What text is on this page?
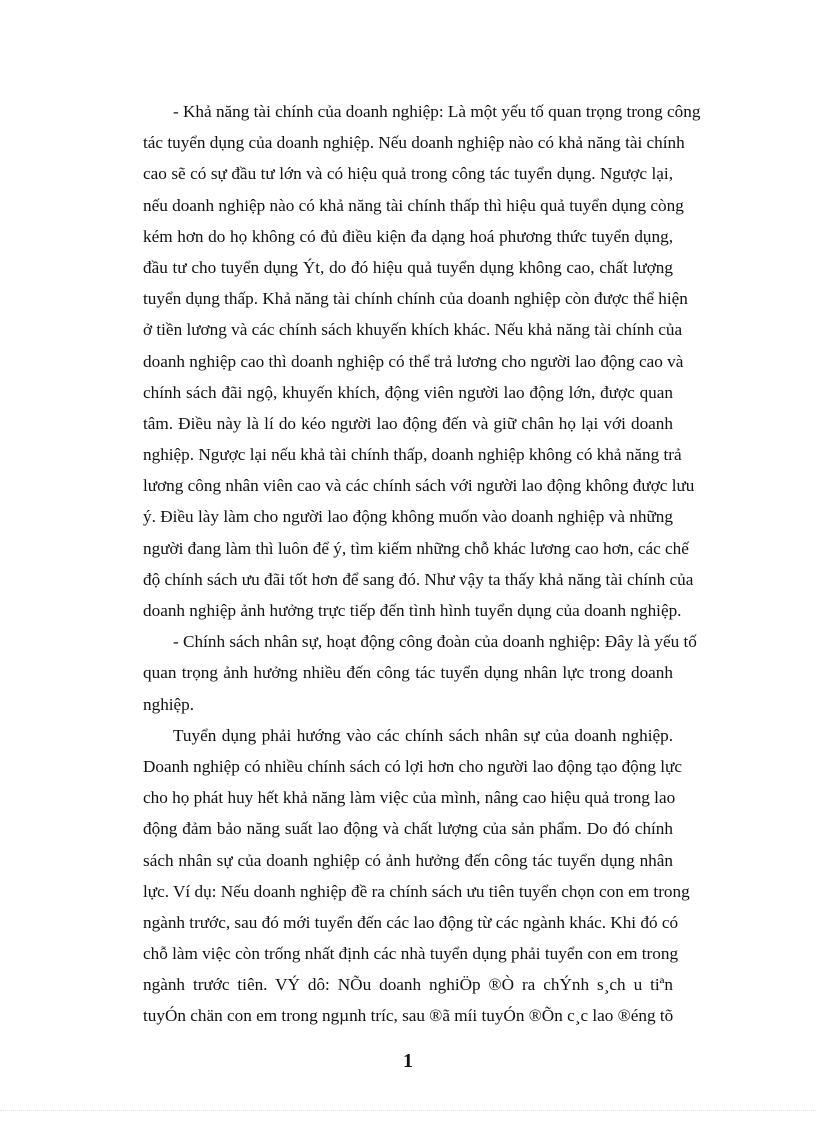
- Khả năng tài chính của doanh nghiệp: Là một yếu tố quan trọng trong công
tác tuyển dụng của doanh nghiệp. Nếu doanh nghiệp nào có khả năng tài chính
cao sẽ có sự đầu tư lớn và có hiệu quả trong công tác tuyển dụng. Ngược lại,
nếu doanh nghiệp nào có khả năng tài chính thấp thì hiệu quả tuyển dụng còng
kém hơn do họ không có đủ điều kiện đa dạng hoá phương thức tuyển dụng,
đầu tư cho tuyển dụng Ýt, do đó hiệu quả tuyển dụng không cao, chất lượng
tuyển dụng thấp. Khả năng tài chính chính của doanh nghiệp còn được thể hiện
ở tiền lương và các chính sách khuyến khích khác. Nếu khả năng tài chính của
doanh nghiệp cao thì doanh nghiệp có thể trả lương cho người lao động cao và
chính sách đãi ngộ, khuyến khích, động viên người lao động lớn, được quan
tâm. Điều này là lí do kéo người lao động đến và giữ chân họ lại với doanh
nghiệp. Ngược lại nếu khả tài chính thấp, doanh nghiệp không có khả năng trả
lương công nhân viên cao và các chính sách với người lao động không được lưu
ý. Điều lày làm cho người lao động không muốn vào doanh nghiệp và những
người đang làm thì luôn để ý, tìm kiếm những chỗ khác lương cao hơn, các chế
độ chính sách ưu đãi tốt hơn để sang đó. Như vậy ta thấy khả năng tài chính của
doanh nghiệp ảnh hưởng trực tiếp đến tình hình tuyển dụng của doanh nghiệp.
- Chính sách nhân sự, hoạt động công đoàn của doanh nghiệp: Đây là yếu tố
quan trọng ảnh hưởng nhiều đến công tác tuyển dụng nhân lực trong doanh
nghiệp.
Tuyển dụng phải hướng vào các chính sách nhân sự của doanh nghiệp.
Doanh nghiệp có nhiều chính sách có lợi hơn cho người lao động tạo động lực
cho họ phát huy hết khả năng làm việc của mình, nâng cao hiệu quả trong lao
động đảm bảo năng suất lao động và chất lượng của sản phẩm. Do đó chính
sách nhân sự của doanh nghiệp có ảnh hưởng đến công tác tuyển dụng nhân
lực. Ví dụ: Nếu doanh nghiệp đề ra chính sách ưu tiên tuyển chọn con em trong
ngành trước, sau đó mới tuyển đến các lao động từ các ngành khác. Khi đó có
chỗ làm việc còn trống nhất định các nhà tuyển dụng phải tuyển con em trong
ngành trước tiên. VÝ dô: NÕu doanh nghiÖp ®Ò ra chÝnh s¸ch u tiªn
tuyÓn chän con em trong ngµnh tríc, sau ®ã míi tuyÓn ®Õn c¸c lao ®éng tõ
1
